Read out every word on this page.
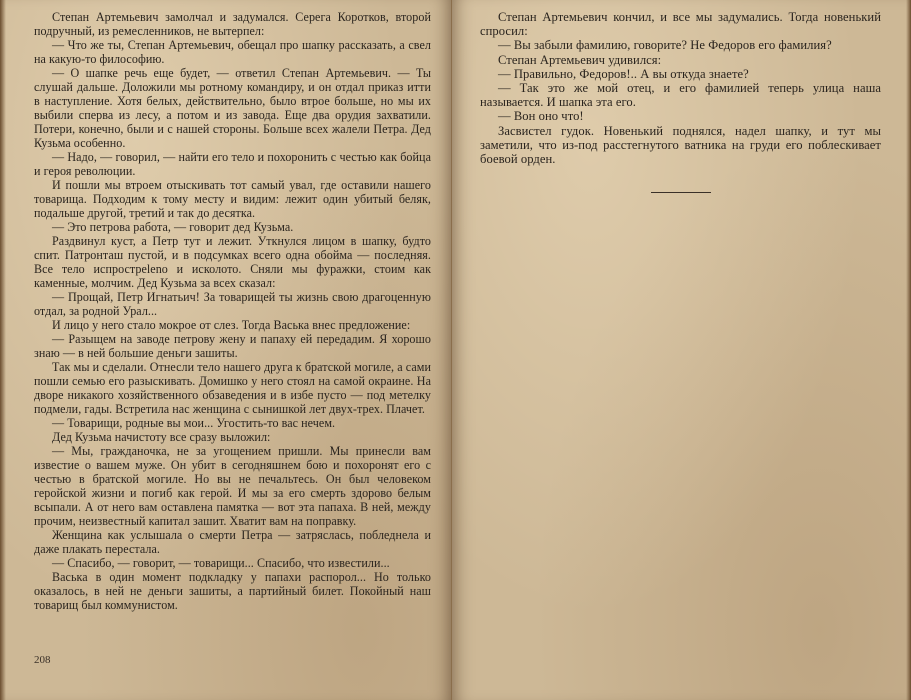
Степан Артемьевич замолчал и задумался. Серега Коротков, второй подручный, из ремесленников, не вытерпел:

— Что же ты, Степан Артемьевич, обещал про шапку рассказать, а свел на какую-то философию.

— О шапке речь еще будет, — ответил Степан Артемьевич. — Ты слушай дальше. Доложили мы ротному командиру, и он отдал приказ итти в наступление. Хотя белых, действительно, было втрое больше, но мы их выбили сперва из лесу, а потом и из завода. Еще два орудия захватили. Потери, конечно, были и с нашей стороны. Больше всех жалели Петра. Дед Кузьма особенно.

— Надо, — говорил, — найти его тело и похоронить с честью как бойца и героя революции.

И пошли мы втроем отыскивать тот самый увал, где оставили нашего товарища. Подходим к тому месту и видим: лежит один убитый беляк, подальше другой, третий и так до десятка.

— Это петрова работа, — говорит дед Кузьма.

Раздвинул куст, а Петр тут и лежит. Уткнулся лицом в шапку, будто спит. Патронташ пустой, и в подсумках всего одна обойма — последняя. Все тело испростреleno и исколото. Сняли мы фуражки, стоим как каменные, молчим. Дед Кузьма за всех сказал:

— Прощай, Петр Игнатьич! За товарищей ты жизнь свою драгоценную отдал, за родной Урал...

И лицо у него стало мокрое от слез. Тогда Васька внес предложение:

— Разыщем на заводе петрову жену и папаху ей передадим. Я хорошо знаю — в ней большие деньги зашиты.

Так мы и сделали. Отнесли тело нашего друга к братской могиле, а сами пошли семью его разыскивать. Домишко у него стоял на самой окраине. На дворе никакого хозяйственного обзаведения и в избе пусто — под метелку подмели, гады. Встретила нас женщина с сынишкой лет двух-трех. Плачет.

— Товарищи, родные вы мои... Угостить-то вас нечем.

Дед Кузьма начистоту все сразу выложил:

— Мы, гражданочка, не за угощением пришли. Мы принесли вам известие о вашем муже. Он убит в сегодняшнем бою и похоронят его с честью в братской могиле. Но вы не печальтесь. Он был человеком геройской жизни и погиб как герой. И мы за его смерть здорово белым всыпали. А от него вам оставлена памятка — вот эта папаха. В ней, между прочим, неизвестный капитал зашит. Хватит вам на поправку.

Женщина как услышала о смерти Петра — затряслась, побледнела и даже плакать перестала.

— Спасибо, — говорит, — товарищи... Спасибо, что известили...

Васька в один момент подкладку у папахи распорол... Но только оказалось, в ней не деньги зашиты, а партийный билет. Покойный наш товарищ был коммунистом.

208

Степан Артемьевич кончил, и все мы задумались. Тогда новенький спросил:

— Вы забыли фамилию, говорите? Не Федоров его фамилия?

Степан Артемьевич удивился:

— Правильно, Федоров!.. А вы откуда знаете?

— Так это же мой отец, и его фамилией теперь улица наша называется. И шапка эта его.

— Вон оно что!

Засвистел гудок. Новенький поднялся, надел шапку, и тут мы заметили, что из-под расстегнутого ватника на груди его поблескивает боевой орден.
